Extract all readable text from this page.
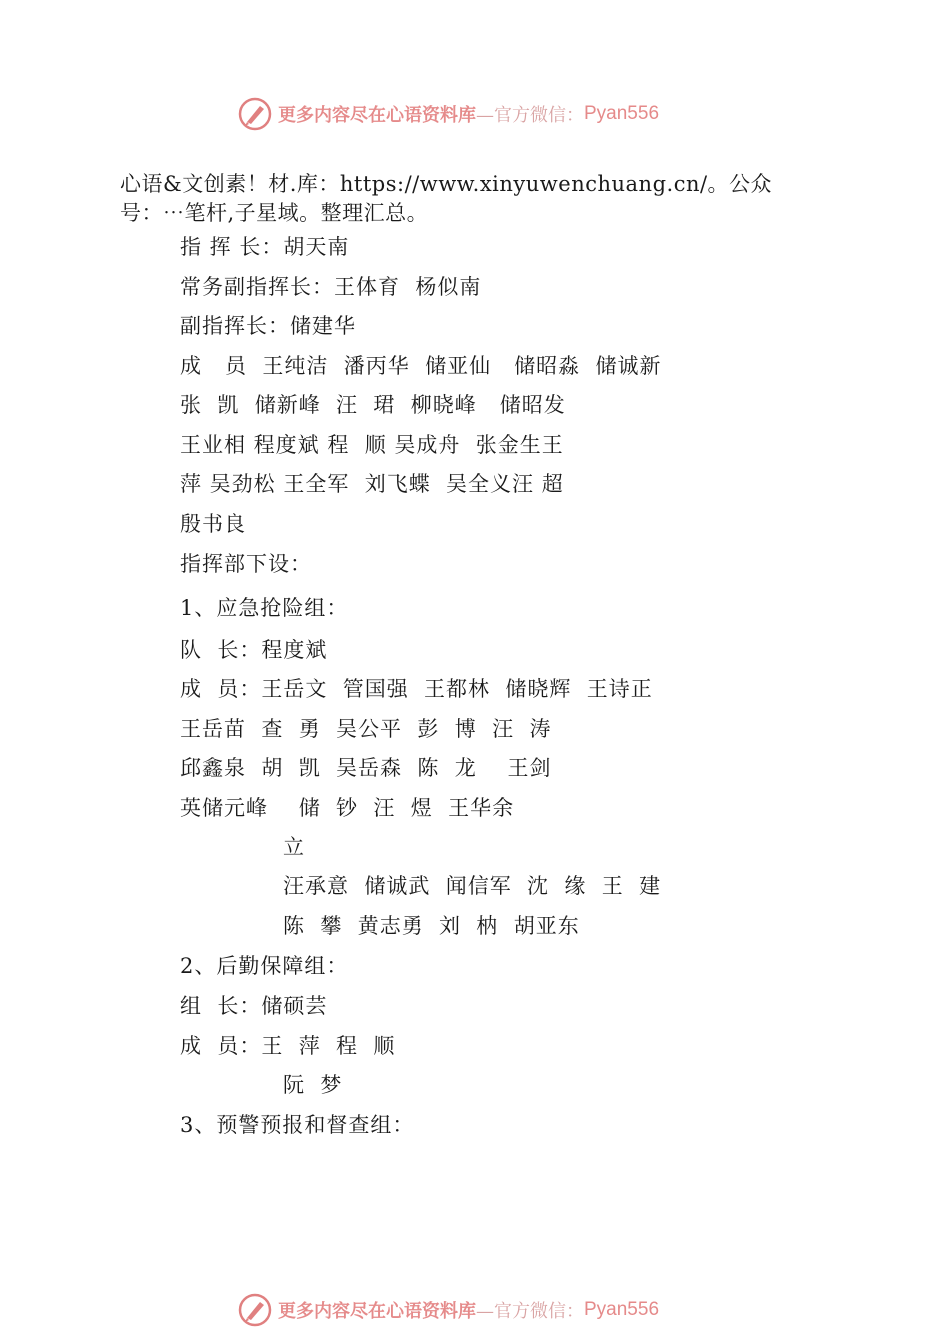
更多内容尽在心语资料库 —官方微信： Pyan556
心语&文创素！材.库：https://www.xinyuwenchuang.cn/。公众号：⋯笔杆,子星域。整理汇总。
指 挥 长：胡天南
常务副指挥长：王体育  杨似南
副指挥长：储建华
成   员  王纯洁  潘丙华  储亚仙   储昭淼  储诚新
张  凯  储新峰  汪  珺  柳晓峰   储昭发
王业相 程度斌 程  顺 吴成舟  张金生王
萍 吴劲松 王全军  刘飞蝶  吴全义汪 超
殷书良
指挥部下设：
1、应急抢险组：
队  长：程度斌
成  员：王岳文  管国强  王都林  储晓辉  王诗正
王岳苗  查  勇  吴公平  彭  博  汪  涛
邱鑫泉  胡  凯  吴岳森  陈  龙    王剑
英储元峰    储  钞  汪  煜  王华余
立
汪承意  储诚武  闻信军  沈  缘  王  建
陈  攀  黄志勇  刘  枘  胡亚东
2、后勤保障组：
组  长：储硕芸
成  员：王  萍  程  顺
阮  梦
3、预警预报和督查组：
更多内容尽在心语资料库 —官方微信： Pyan556
